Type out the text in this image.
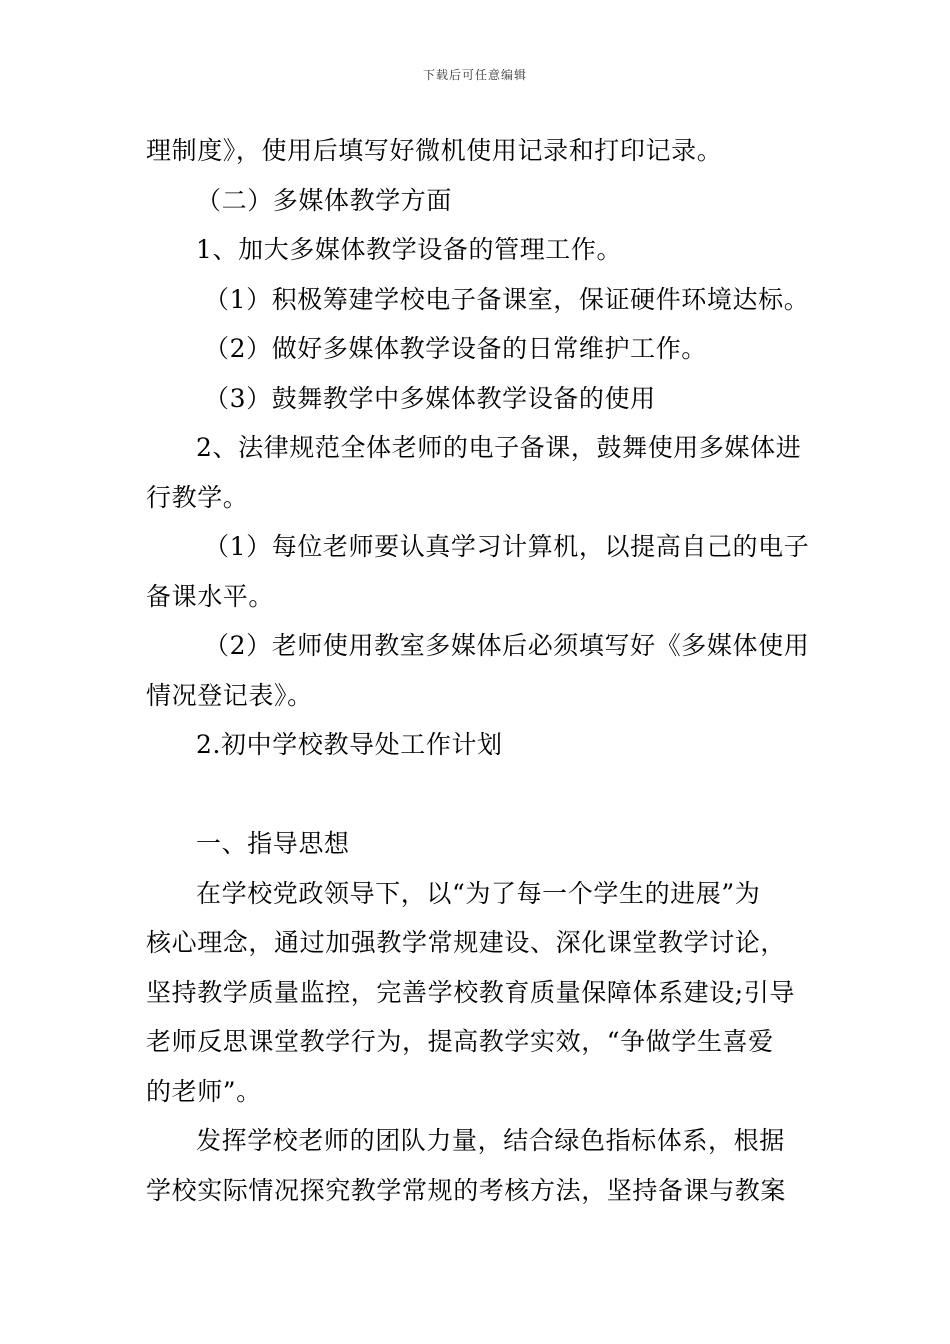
下载后可任意编辑

理制度》，使用后填写好微机使用记录和打印记录。

（二）多媒体教学方面

1、加大多媒体教学设备的管理工作。

（1）积极筹建学校电子备课室，保证硬件环境达标。

（2）做好多媒体教学设备的日常维护工作。

（3）鼓舞教学中多媒体教学设备的使用

2、法律规范全体老师的电子备课，鼓舞使用多媒体进

行教学。

（1）每位老师要认真学习计算机，以提高自己的电子

备课水平。

（2）老师使用教室多媒体后必须填写好《多媒体使用

情况登记表》。

2.初中学校教导处工作计划

一、指导思想

在学校党政领导下，以“为了每一个学生的进展”为

核心理念，通过加强教学常规建设、深化课堂教学讨论，

坚持教学质量监控，完善学校教育质量保障体系建设;引导

老师反思课堂教学行为，提高教学实效，“争做学生喜爱

的老师”。

发挥学校老师的团队力量，结合绿色指标体系，根据

学校实际情况探究教学常规的考核方法，坚持备课与教案
